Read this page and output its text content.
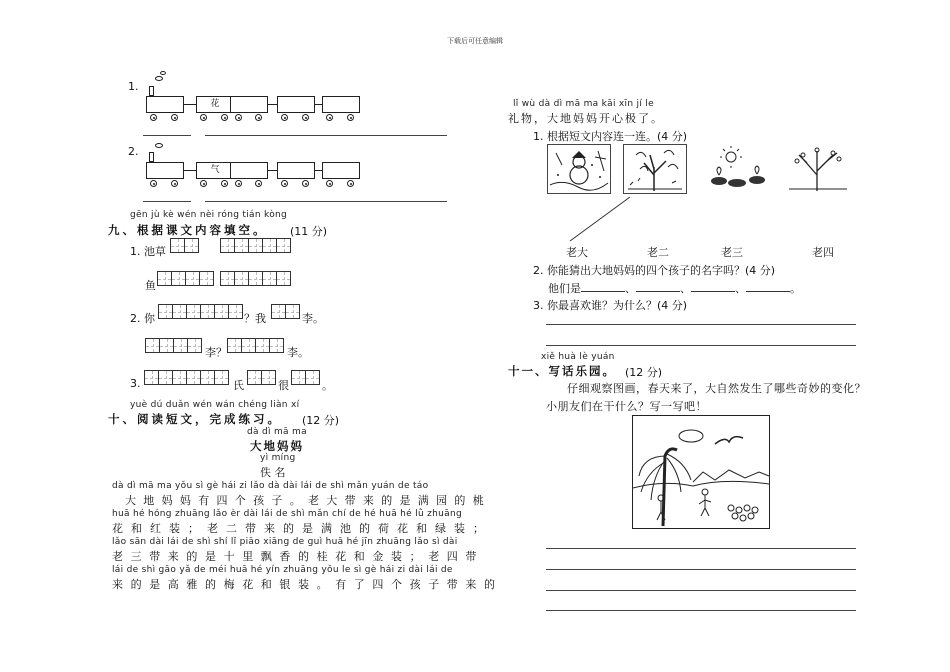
下载后可任意编辑
1.
花
2.
气
gēn jù kè wén nèi róng tián kòng
九、根据课文内容填空。 (11 分)
1. 池草
鱼
2. 你	？我	李。
李？	李。
3.	氏	很	。
yuè dú duǎn wén wán chéng liàn xí
十、阅读短文，完成练习。 (12 分)
dà dì mā ma
大地妈妈
yì míng
佚 名
dà dì mā ma yǒu sì gè hái zi lǎo dà dài lái de shì mǎn yuán de táo
大地妈妈有四个孩子。老大带来的是满园的桃
huā hé hóng zhuāng lǎo èr dài lái de shì mǎn chí de hé huā hé lǜ zhuāng
花和红装；老二带来的是满池的荷花和绿装；
lǎo sān dài lái de shì shí lǐ piāo xiāng de guì huā hé jīn zhuāng lǎo sì dài
老三带来的是十里飘香的桂花和金装；老四带
lái de shì gāo yǎ de méi huā hé yín zhuāng yǒu le sì gè hái zi dài lái de
来的是高雅的梅花和银装。有了四个孩子带来的
lǐ wù dà dì mā ma kāi xīn jí le
礼物，大地妈妈开心极了。
1. 根据短文内容连一连。(4 分)
老大	老二	老三	老四
2. 你能猜出大地妈妈的四个孩子的名字吗？(4 分)
他们是	、	、	、	。
3. 你最喜欢谁？为什么？(4 分)
xiě huà lè yuán
十一、写话乐园。 (12 分)
仔细观察图画，春天来了，大自然发生了哪些奇妙的变化？
小朋友们在干什么？写一写吧！
